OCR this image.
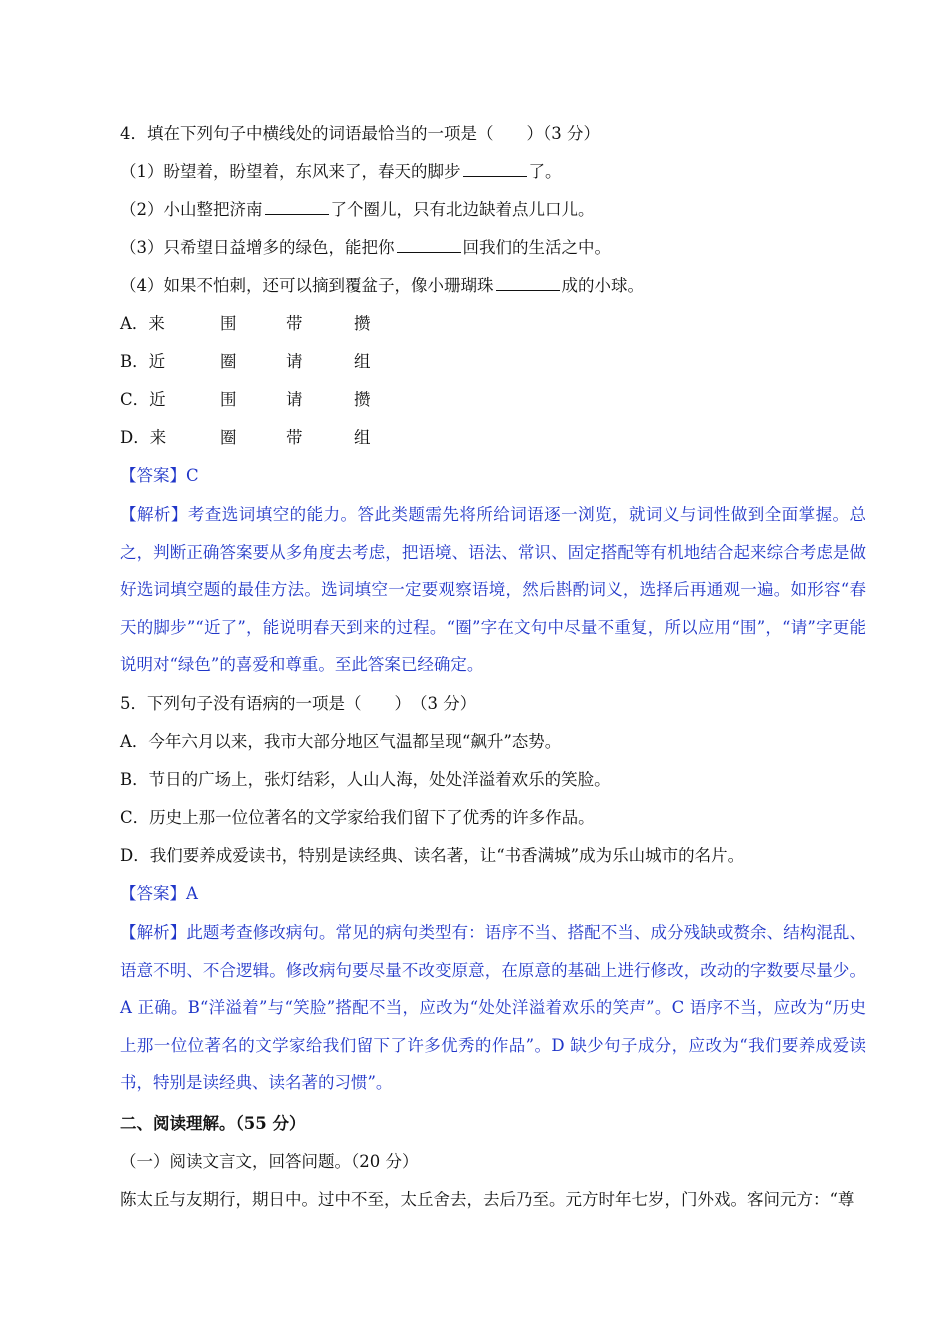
4．填在下列句子中横线处的词语最恰当的一项是（　　）（3 分）
（1）盼望着，盼望着，东风来了，春天的脚步	了。
（2）小山整把济南	了个圈儿，只有北边缺着点儿口儿。
（3）只希望日益增多的绿色，能把你	回我们的生活之中。
（4）如果不怕刺，还可以摘到覆盆子，像小珊瑚珠	成的小球。
A．来	围	带	攒
B．近	圈	请	组
C．近	围	请	攒
D．来	圈	带	组
【答案】C
【解析】考查选词填空的能力。答此类题需先将所给词语逐一浏览，就词义与词性做到全面掌握。总之，判断正确答案要从多角度去考虑，把语境、语法、常识、固定搭配等有机地结合起来综合考虑是做好选词填空题的最佳方法。选词填空一定要观察语境，然后斟酌词义，选择后再通观一遍。如形容“春天的脚步”“近了”，能说明春天到来的过程。“圈”字在文句中尽量不重复，所以应用“围”，“请”字更能说明对“绿色”的喜爱和尊重。至此答案已经确定。
5．下列句子没有语病的一项是（　　）　（3 分）
A．今年六月以来，我市大部分地区气温都呈现“飙升”态势。
B．节日的广场上，张灯结彩，人山人海，处处洋溢着欢乐的笑脸。
C．历史上那一位位著名的文学家给我们留下了优秀的许多作品。
D．我们要养成爱读书，特别是读经典、读名著，让“书香满城”成为乐山城市的名片。
【答案】A
【解析】此题考查修改病句。常见的病句类型有：语序不当、搭配不当、成分残缺或赘余、结构混乱、语意不明、不合逻辑。修改病句要尽量不改变原意，在原意的基础上进行修改，改动的字数要尽量少。A 正确。B“洋溢着”与“笑脸”搭配不当，应改为“处处洋溢着欢乐的笑声”。C 语序不当，应改为“历史上那一位位著名的文学家给我们留下了许多优秀的作品”。D 缺少句子成分，应改为“我们要养成爱读书，特别是读经典、读名著的习惯”。
二、阅读理解。（55 分）
（一）阅读文言文，回答问题。（20 分）
陈太丘与友期行，期日中。过中不至，太丘舍去，去后乃至。元方时年七岁，门外戏。客问元方：“尊
